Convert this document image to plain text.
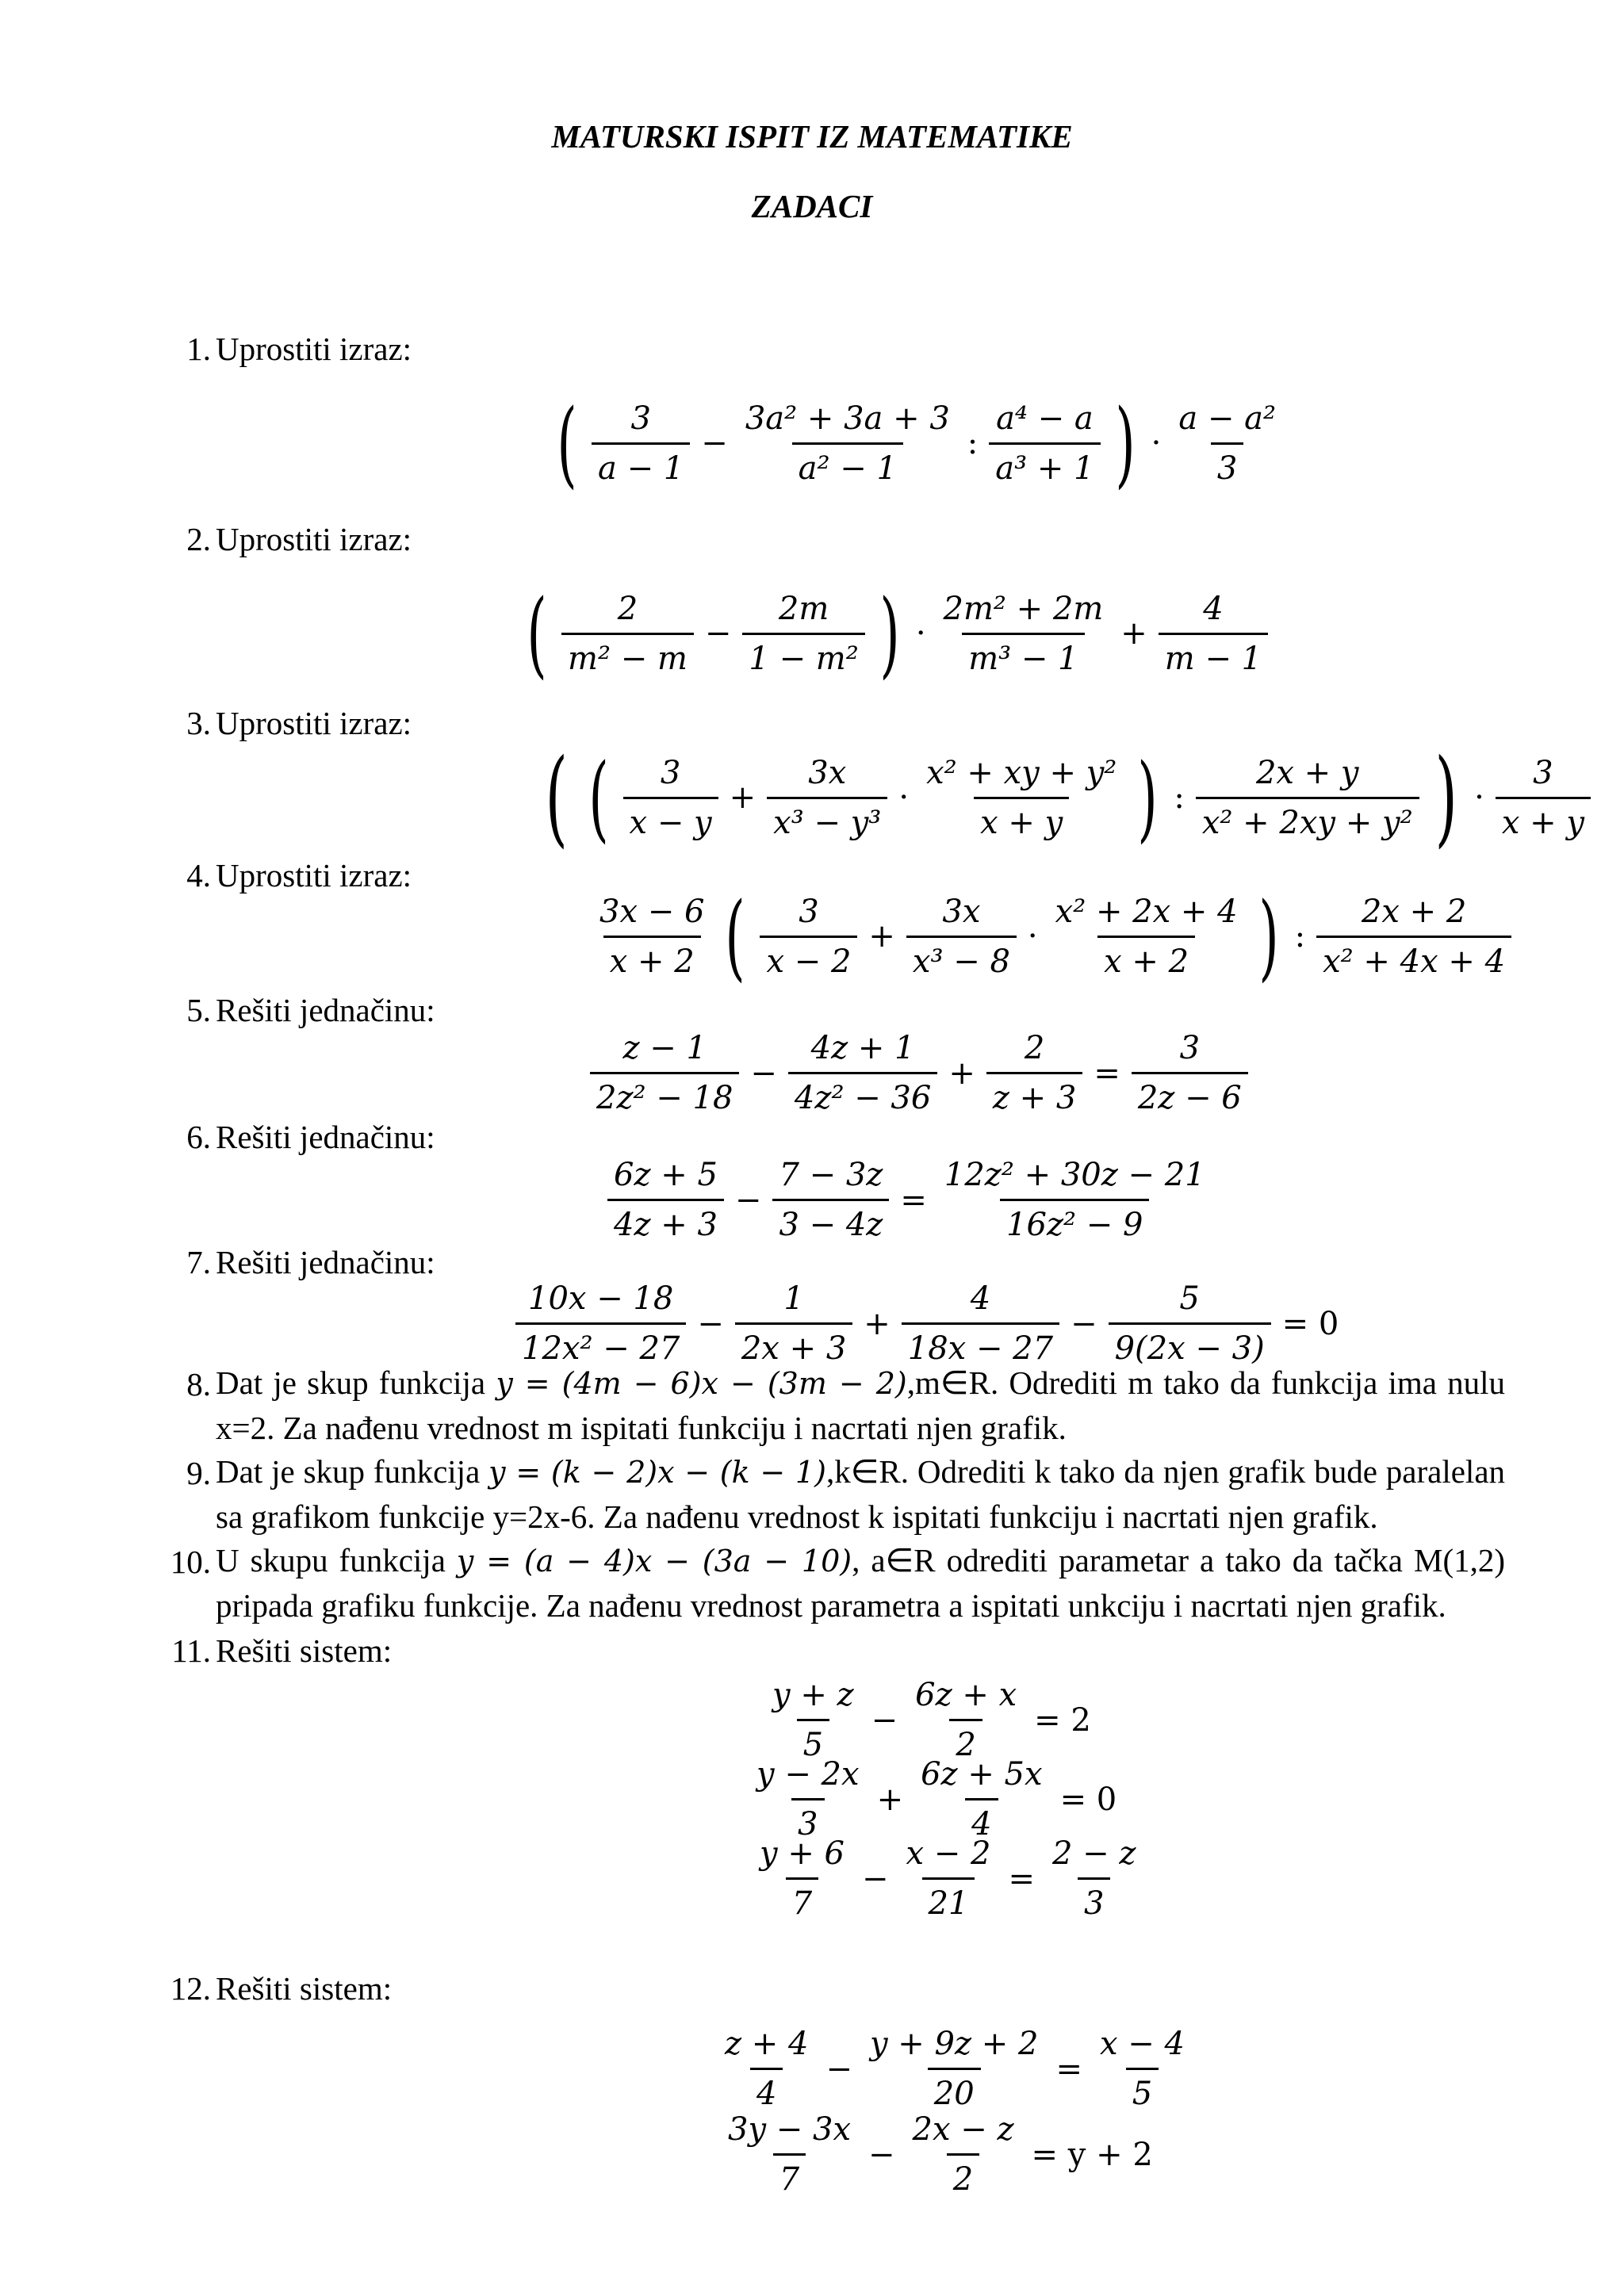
MATURSKI ISPIT IZ MATEMATIKE
ZADACI
1. Uprostiti izraz:
( $\frac{3}{a - 1} - \frac{\text{3a² + 3a + 3}}{\text{a² − 1}}$ : $\frac{\text{a⁴ − a}}{\text{a³ + 1}}$ ) · $\frac{\text{a − a²}}{3}$
2. Uprostiti izraz:
( $\frac{2}{\text{m² − m}} - \frac{2m}{\text{1 − m²}}$ ) · $\frac{\text{2m² + 2m}}{\text{m³ − 1}} + \frac{4}{m - 1}$
3. Uprostiti izraz:
( ( $\frac{3}{x - y} + \frac{3x}{\text{x³ − y³}} \cdot \frac{\text{x² + xy + y²}}{x + y}$ ) : $\frac{2x + y}{\text{x² + 2xy + y²}}$ ) · $\frac{3}{x + y}$
4. Uprostiti izraz:
$\frac{3x - 6}{x + 2}$ ( $\frac{3}{x - 2} + \frac{3x}{\text{x³ − 8}} \cdot \frac{\text{x² + 2x + 4}}{x + 2}$ ) : $\frac{2x + 2}{\text{x² + 4x + 4}}$
5. Rešiti jednačinu:
$\frac{z - 1}{\text{2z² − 18}} - \frac{4z + 1}{\text{4z² − 36}} + \frac{2}{z + 3} = \frac{3}{2z - 6}$
6. Rešiti jednačinu:
$\frac{6z + 5}{4z + 3} - \frac{7 - 3z}{3 - 4z} = \frac{\text{12z² + 30z − 21}}{\text{16z² − 9}}$
7. Rešiti jednačinu:
$\frac{10x - 18}{\text{12x² − 27}} - \frac{1}{2x + 3} + \frac{4}{18x - 27} - \frac{5}{9(2x - 3)} = 0$
8. Dat je skup funkcija y = (4m − 6)x − (3m − 2),m∈R. Odrediti m tako da funkcija ima nulu x=2. Za nađenu vrednost m ispitati funkciju i nacrtati njen grafik.
9. Dat je skup funkcija y = (k − 2)x − (k − 1),k∈R. Odrediti k tako da njen grafik bude paralelan sa grafikom funkcije y=2x-6. Za nađenu vrednost k ispitati funkciju i nacrtati njen grafik.
10. U skupu funkcija y = (a − 4)x − (3a − 10), a∈R odrediti parametar a tako da tačka M(1,2) pripada grafiku funkcije. Za nađenu vrednost parametra a ispitati unkciju i nacrtati njen grafik.
11. Rešiti sistem:
$\frac{y + z}{5} - \frac{6z + x}{2} = 2$
$\frac{y - 2x}{3} + \frac{6z + 5x}{4} = 0$
$\frac{y + 6}{7} - \frac{x - 2}{21} = \frac{2 - z}{3}$
12. Rešiti sistem:
$\frac{z + 4}{4} - \frac{y + 9z + 2}{20} = \frac{x - 4}{5}$
$\frac{3y - 3x}{7} - \frac{2x - z}{2} = y + 2$
